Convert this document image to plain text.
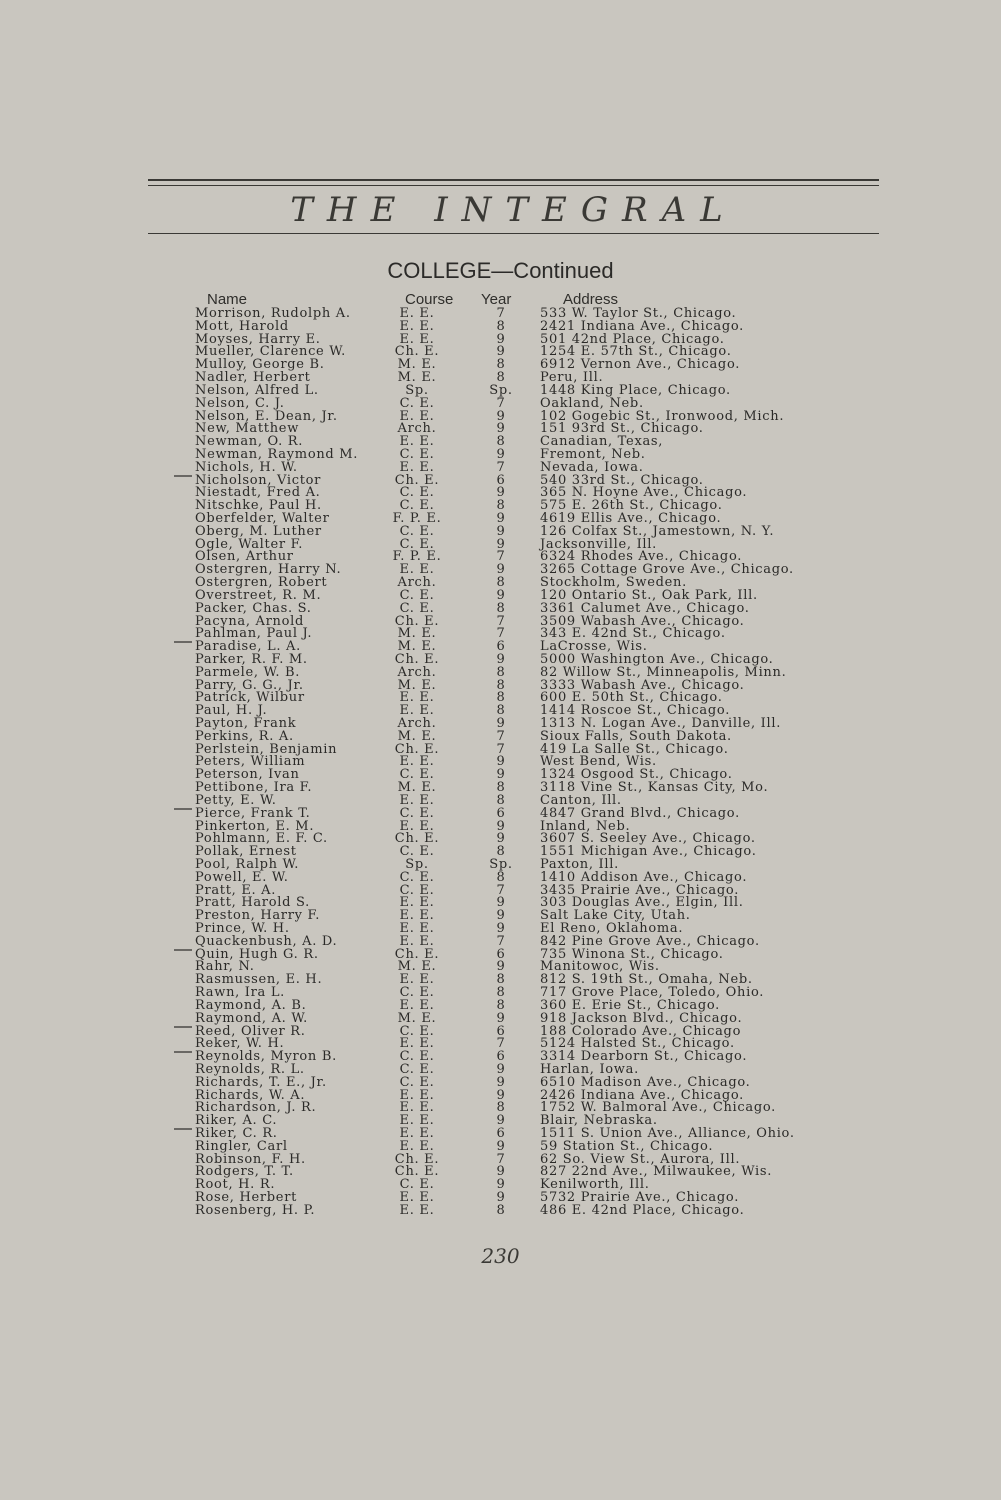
THE INTEGRAL
COLLEGE—Continued
Name	Course Year	Address
Morrison, Rudolph A.	E. E.	7	533 W. Taylor St., Chicago.
Mott, Harold	E. E.	8	2421 Indiana Ave., Chicago.
Moyses, Harry E.	E. E.	9	501 42nd Place, Chicago.
Mueller, Clarence W.	Ch. E.	9	1254 E. 57th St., Chicago.
Mulloy, George B.	M. E.	8	6912 Vernon Ave., Chicago.
Nadler, Herbert	M. E.	8	Peru, Ill.
Nelson, Alfred L.	Sp.	Sp.	1448 King Place, Chicago.
Nelson, C. J.	C. E.	7	Oakland, Neb.
Nelson, E. Dean, Jr.	E. E.	9	102 Gogebic St., Ironwood, Mich.
New, Matthew	Arch.	9	151 93rd St., Chicago.
Newman, O. R.	E. E.	8	Canadian, Texas,
Newman, Raymond M.	C. E.	9	Fremont, Neb.
Nichols, H. W.	E. E.	7	Nevada, Iowa.
Nicholson, Victor	Ch. E.	6	540 33rd St., Chicago.
Niestadt, Fred A.	C. E.	9	365 N. Hoyne Ave., Chicago.
Nitschke, Paul H.	C. E.	8	575 E. 26th St., Chicago.
Oberfelder, Walter	F. P. E.	9	4619 Ellis Ave., Chicago.
Oberg, M. Luther	C. E.	9	126 Colfax St., Jamestown, N. Y.
Ogle, Walter F.	C. E.	9	Jacksonville, Ill.
Olsen, Arthur	F. P. E.	7	6324 Rhodes Ave., Chicago.
Ostergren, Harry N.	E. E.	9	3265 Cottage Grove Ave., Chicago.
Ostergren, Robert	Arch.	8	Stockholm, Sweden.
Overstreet, R. M.	C. E.	9	120 Ontario St., Oak Park, Ill.
Packer, Chas. S.	C. E.	8	3361 Calumet Ave., Chicago.
Pacyna, Arnold	Ch. E.	7	3509 Wabash Ave., Chicago.
Pahlman, Paul J.	M. E.	7	343 E. 42nd St., Chicago.
Paradise, L. A.	M. E.	6	LaCrosse, Wis.
Parker, R. F. M.	Ch. E.	9	5000 Washington Ave., Chicago.
Parmele, W. B.	Arch.	8	82 Willow St., Minneapolis, Minn.
Parry, G. G., Jr.	M. E.	8	3333 Wabash Ave., Chicago.
Patrick, Wilbur	E. E.	8	600 E. 50th St., Chicago.
Paul, H. J.	E. E.	8	1414 Roscoe St., Chicago.
Payton, Frank	Arch.	9	1313 N. Logan Ave., Danville, Ill.
Perkins, R. A.	M. E.	7	Sioux Falls, South Dakota.
Perlstein, Benjamin	Ch. E.	7	419 La Salle St., Chicago.
Peters, William	E. E.	9	West Bend, Wis.
Peterson, Ivan	C. E.	9	1324 Osgood St., Chicago.
Pettibone, Ira F.	M. E.	8	3118 Vine St., Kansas City, Mo.
Petty, E. W.	E. E.	8	Canton, Ill.
Pierce, Frank T.	C. E.	6	4847 Grand Blvd., Chicago.
Pinkerton, E. M.	E. E.	9	Inland, Neb.
Pohlmann, E. F. C.	Ch. E.	9	3607 S. Seeley Ave., Chicago.
Pollak, Ernest	C. E.	8	1551 Michigan Ave., Chicago.
Pool, Ralph W.	Sp.	Sp.	Paxton, Ill.
Powell, E. W.	C. E.	8	1410 Addison Ave., Chicago.
Pratt, E. A.	C. E.	7	3435 Prairie Ave., Chicago.
Pratt, Harold S.	E. E.	9	303 Douglas Ave., Elgin, Ill.
Preston, Harry F.	E. E.	9	Salt Lake City, Utah.
Prince, W. H.	E. E.	9	El Reno, Oklahoma.
Quackenbush, A. D.	E. E.	7	842 Pine Grove Ave., Chicago.
Quin, Hugh G. R.	Ch. E.	6	735 Winona St., Chicago.
Rahr, N.	M. E.	9	Manitowoc, Wis.
Rasmussen, E. H.	E. E.	8	812 S. 19th St., Omaha, Neb.
Rawn, Ira L.	C. E.	8	717 Grove Place, Toledo, Ohio.
Raymond, A. B.	E. E.	8	360 E. Erie St., Chicago.
Raymond, A. W.	M. E.	9	918 Jackson Blvd., Chicago.
Reed, Oliver R.	C. E.	6	188 Colorado Ave., Chicago
Reker, W. H.	E. E.	7	5124 Halsted St., Chicago.
Reynolds, Myron B.	C. E.	6	3314 Dearborn St., Chicago.
Reynolds, R. L.	C. E.	9	Harlan, Iowa.
Richards, T. E., Jr.	C. E.	9	6510 Madison Ave., Chicago.
Richards, W. A.	E. E.	9	2426 Indiana Ave., Chicago.
Richardson, J. R.	E. E.	8	1752 W. Balmoral Ave., Chicago.
Riker, A. C.	E. E.	9	Blair, Nebraska.
Riker, C. R.	E. E.	6	1511 S. Union Ave., Alliance, Ohio.
Ringler, Carl	E. E.	9	59 Station St., Chicago.
Robinson, F. H.	Ch. E.	7	62 So. View St., Aurora, Ill.
Rodgers, T. T.	Ch. E.	9	827 22nd Ave., Milwaukee, Wis.
Root, H. R.	C. E.	9	Kenilworth, Ill.
Rose, Herbert	E. E.	9	5732 Prairie Ave., Chicago.
Rosenberg, H. P.	E. E.	8	486 E. 42nd Place, Chicago.
230
